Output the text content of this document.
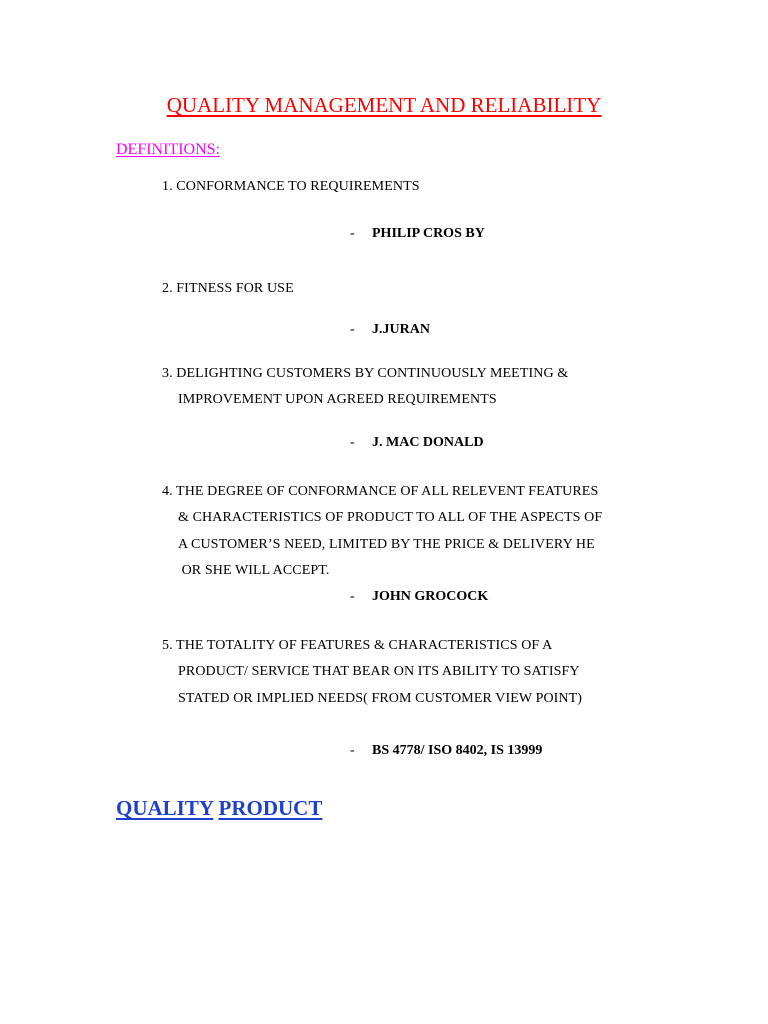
QUALITY MANAGEMENT AND RELIABILITY
DEFINITIONS:
1. CONFORMANCE TO REQUIREMENTS
- PHILIP CROS BY
2. FITNESS FOR USE
- J.JURAN
3. DELIGHTING CUSTOMERS BY CONTINUOUSLY MEETING &
IMPROVEMENT UPON AGREED REQUIREMENTS
- J. MAC DONALD
4. THE DEGREE OF CONFORMANCE OF ALL RELEVENT FEATURES
& CHARACTERISTICS OF PRODUCT TO ALL OF THE ASPECTS OF
A CUSTOMER’S NEED, LIMITED BY THE PRICE & DELIVERY HE
OR SHE WILL ACCEPT.
- JOHN GROCOCK
5. THE TOTALITY OF FEATURES & CHARACTERISTICS OF A
PRODUCT/ SERVICE THAT BEAR ON ITS ABILITY TO SATISFY
STATED OR IMPLIED NEEDS( FROM CUSTOMER VIEW POINT)
- BS 4778/ ISO 8402, IS 13999
QUALITY PRODUCT
